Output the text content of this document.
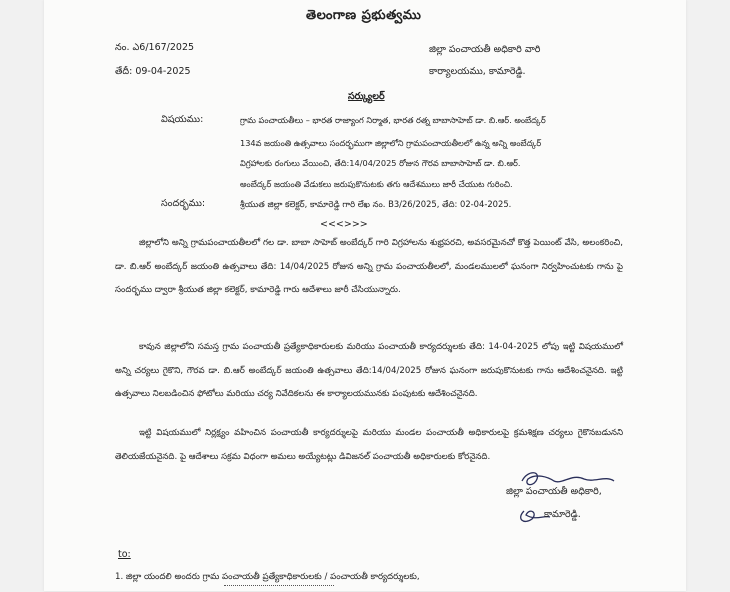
తెలంగాణ ప్రభుత్వము
నం. ఎ6/167/2025
తేదీ: 09-04-2025
జిల్లా పంచాయతీ అధికారి వారి
కార్యాలయము, కామారెడ్డి.
సర్క్యులర్
విషయము:	గ్రామ పంచాయతీలు – భారత రాజ్యాంగ నిర్మాత, భారత రత్న బాబాసాహెబ్ డా. బి.ఆర్. అంబేద్కర్
134వ జయంతి ఉత్సవాలు సందర్భముగా జిల్లాలోని గ్రామపంచాయతీలలో ఉన్న అన్ని అంబేద్కర్
విగ్రహాలకు రంగులు వేయించి, తేది:14/04/2025 రోజున గౌరవ బాబాసాహెబ్ డా. బి.ఆర్.
అంబేద్కర్ జయంతి వేడుకలు జరుపుకొనుటకు తగు ఆదేశములు జారీ చేయుట గురించి.
సందర్భము:	శ్రీయుత జిల్లా కలెక్టర్, కామారెడ్డి గారి లేఖ నం. B3/26/2025, తేది: 02-04-2025.
<<<>>>
జిల్లాలోని అన్ని గ్రామపంచాయతీలలో గల డా. బాబా సాహెబ్ అంబేద్కర్ గారి విగ్రహాలను శుభ్రపరచి, అవసరమైనచో కొత్త పెయింట్ వేసి, అలంకరించి, డా. బి.ఆర్ అంబేద్కర్ జయంతి ఉత్సవాలు తేది: 14/04/2025 రోజున అన్ని గ్రామ పంచాయతీలలో, మండలములలో ఘనంగా నిర్వహించుటకు గాను పై సందర్భము ద్వారా శ్రీయుత జిల్లా కలెక్టర్, కామారెడ్డి గారు ఆదేశాలు జారీ చేసియున్నారు.
కావున జిల్లాలోని సమస్త గ్రామ పంచాయతీ ప్రత్యేకాధికారులకు మరియు పంచాయతీ కార్యదర్శులకు తేది: 14-04-2025 లోపు ఇట్టి విషయములో అన్ని చర్యలు గైకొని, గౌరవ డా. బి.ఆర్ అంబేద్కర్ జయంతి ఉత్సవాలు తేది:14/04/2025 రోజున ఘనంగా జరుపుకొనుటకు గాను ఆదేశించనైనది. ఇట్టి ఉత్సవాలు నిలబడించిన ఫోటోలు మరియు చర్య నివేదికలను ఈ కార్యాలయమునకు పంపుటకు ఆదేశించనైనది.
ఇట్టి విషయములో నిర్లక్ష్యం వహించిన పంచాయతీ కార్యదర్శులపై మరియు మండల పంచాయతీ అధికారులపై క్రమశిక్షణ చర్యలు గైకొనబడునని తెలియజేయనైనది. పై ఆదేశాలు సక్రమ విధంగా అమలు అయ్యేటట్లు డివిజనల్ పంచాయతీ అధికారులకు కోరనైనది.
జిల్లా పంచాయతీ అధికారి,
కామారెడ్డి.
to:
1. జిల్లా యందలి అందరు గ్రామ పంచాయతీ ప్రత్యేకాధికారులకు / పంచాయతీ కార్యదర్శులకు,
